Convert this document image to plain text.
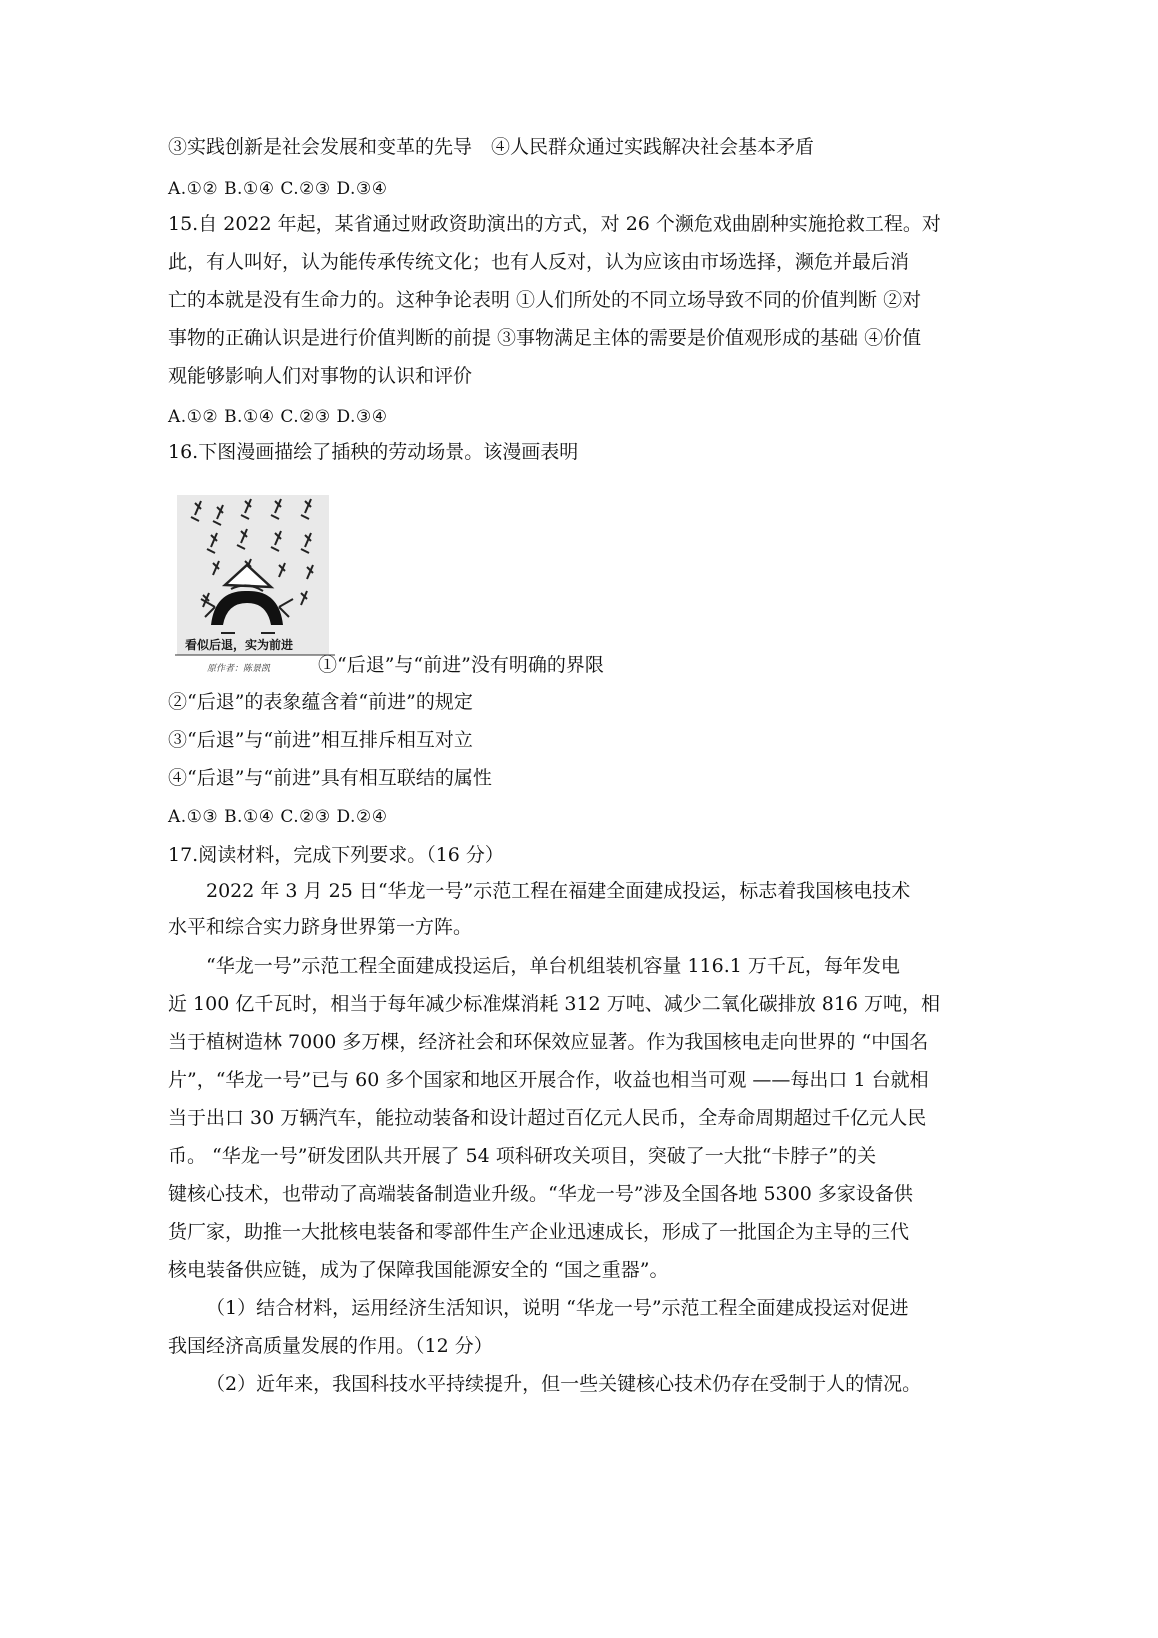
③实践创新是社会发展和变革的先导　④人民群众通过实践解决社会基本矛盾
A.①② B.①④ C.②③ D.③④
15.自 2022 年起，某省通过财政资助演出的方式，对 26 个濒危戏曲剧种实施抢救工程。对
此，有人叫好，认为能传承传统文化；也有人反对，认为应该由市场选择，濒危并最后消
亡的本就是没有生命力的。这种争论表明 ①人们所处的不同立场导致不同的价值判断 ②对
事物的正确认识是进行价值判断的前提 ③事物满足主体的需要是价值观形成的基础 ④价值
观能够影响人们对事物的认识和评价
A.①② B.①④ C.②③ D.③④
16.下图漫画描绘了插秧的劳动场景。该漫画表明
看似后退，实为前进
原作者：陈景凯	①“后退”与“前进”没有明确的界限
②“后退”的表象蕴含着“前进”的规定
③“后退”与“前进”相互排斥相互对立
④“后退”与“前进”具有相互联结的属性
A.①③ B.①④ C.②③ D.②④
17.阅读材料，完成下列要求。（16 分）
2022 年 3 月 25 日“华龙一号”示范工程在福建全面建成投运，标志着我国核电技术
水平和综合实力跻身世界第一方阵。
“华龙一号”示范工程全面建成投运后，单台机组装机容量 116.1 万千瓦，每年发电
近 100 亿千瓦时，相当于每年减少标准煤消耗 312 万吨、减少二氧化碳排放 816 万吨，相
当于植树造林 7000 多万棵，经济社会和环保效应显著。作为我国核电走向世界的 “中国名
片”，“华龙一号”已与 60 多个国家和地区开展合作，收益也相当可观 ——每出口 1 台就相
当于出口 30 万辆汽车，能拉动装备和设计超过百亿元人民币，全寿命周期超过千亿元人民
币。 “华龙一号”研发团队共开展了 54 项科研攻关项目，突破了一大批“卡脖子”的关
键核心技术，也带动了高端装备制造业升级。“华龙一号”涉及全国各地 5300 多家设备供
货厂家，助推一大批核电装备和零部件生产企业迅速成长，形成了一批国企为主导的三代
核电装备供应链，成为了保障我国能源安全的 “国之重器”。
（1）结合材料，运用经济生活知识，说明 “华龙一号”示范工程全面建成投运对促进
我国经济高质量发展的作用。（12 分）
（2）近年来，我国科技水平持续提升，但一些关键核心技术仍存在受制于人的情况。
